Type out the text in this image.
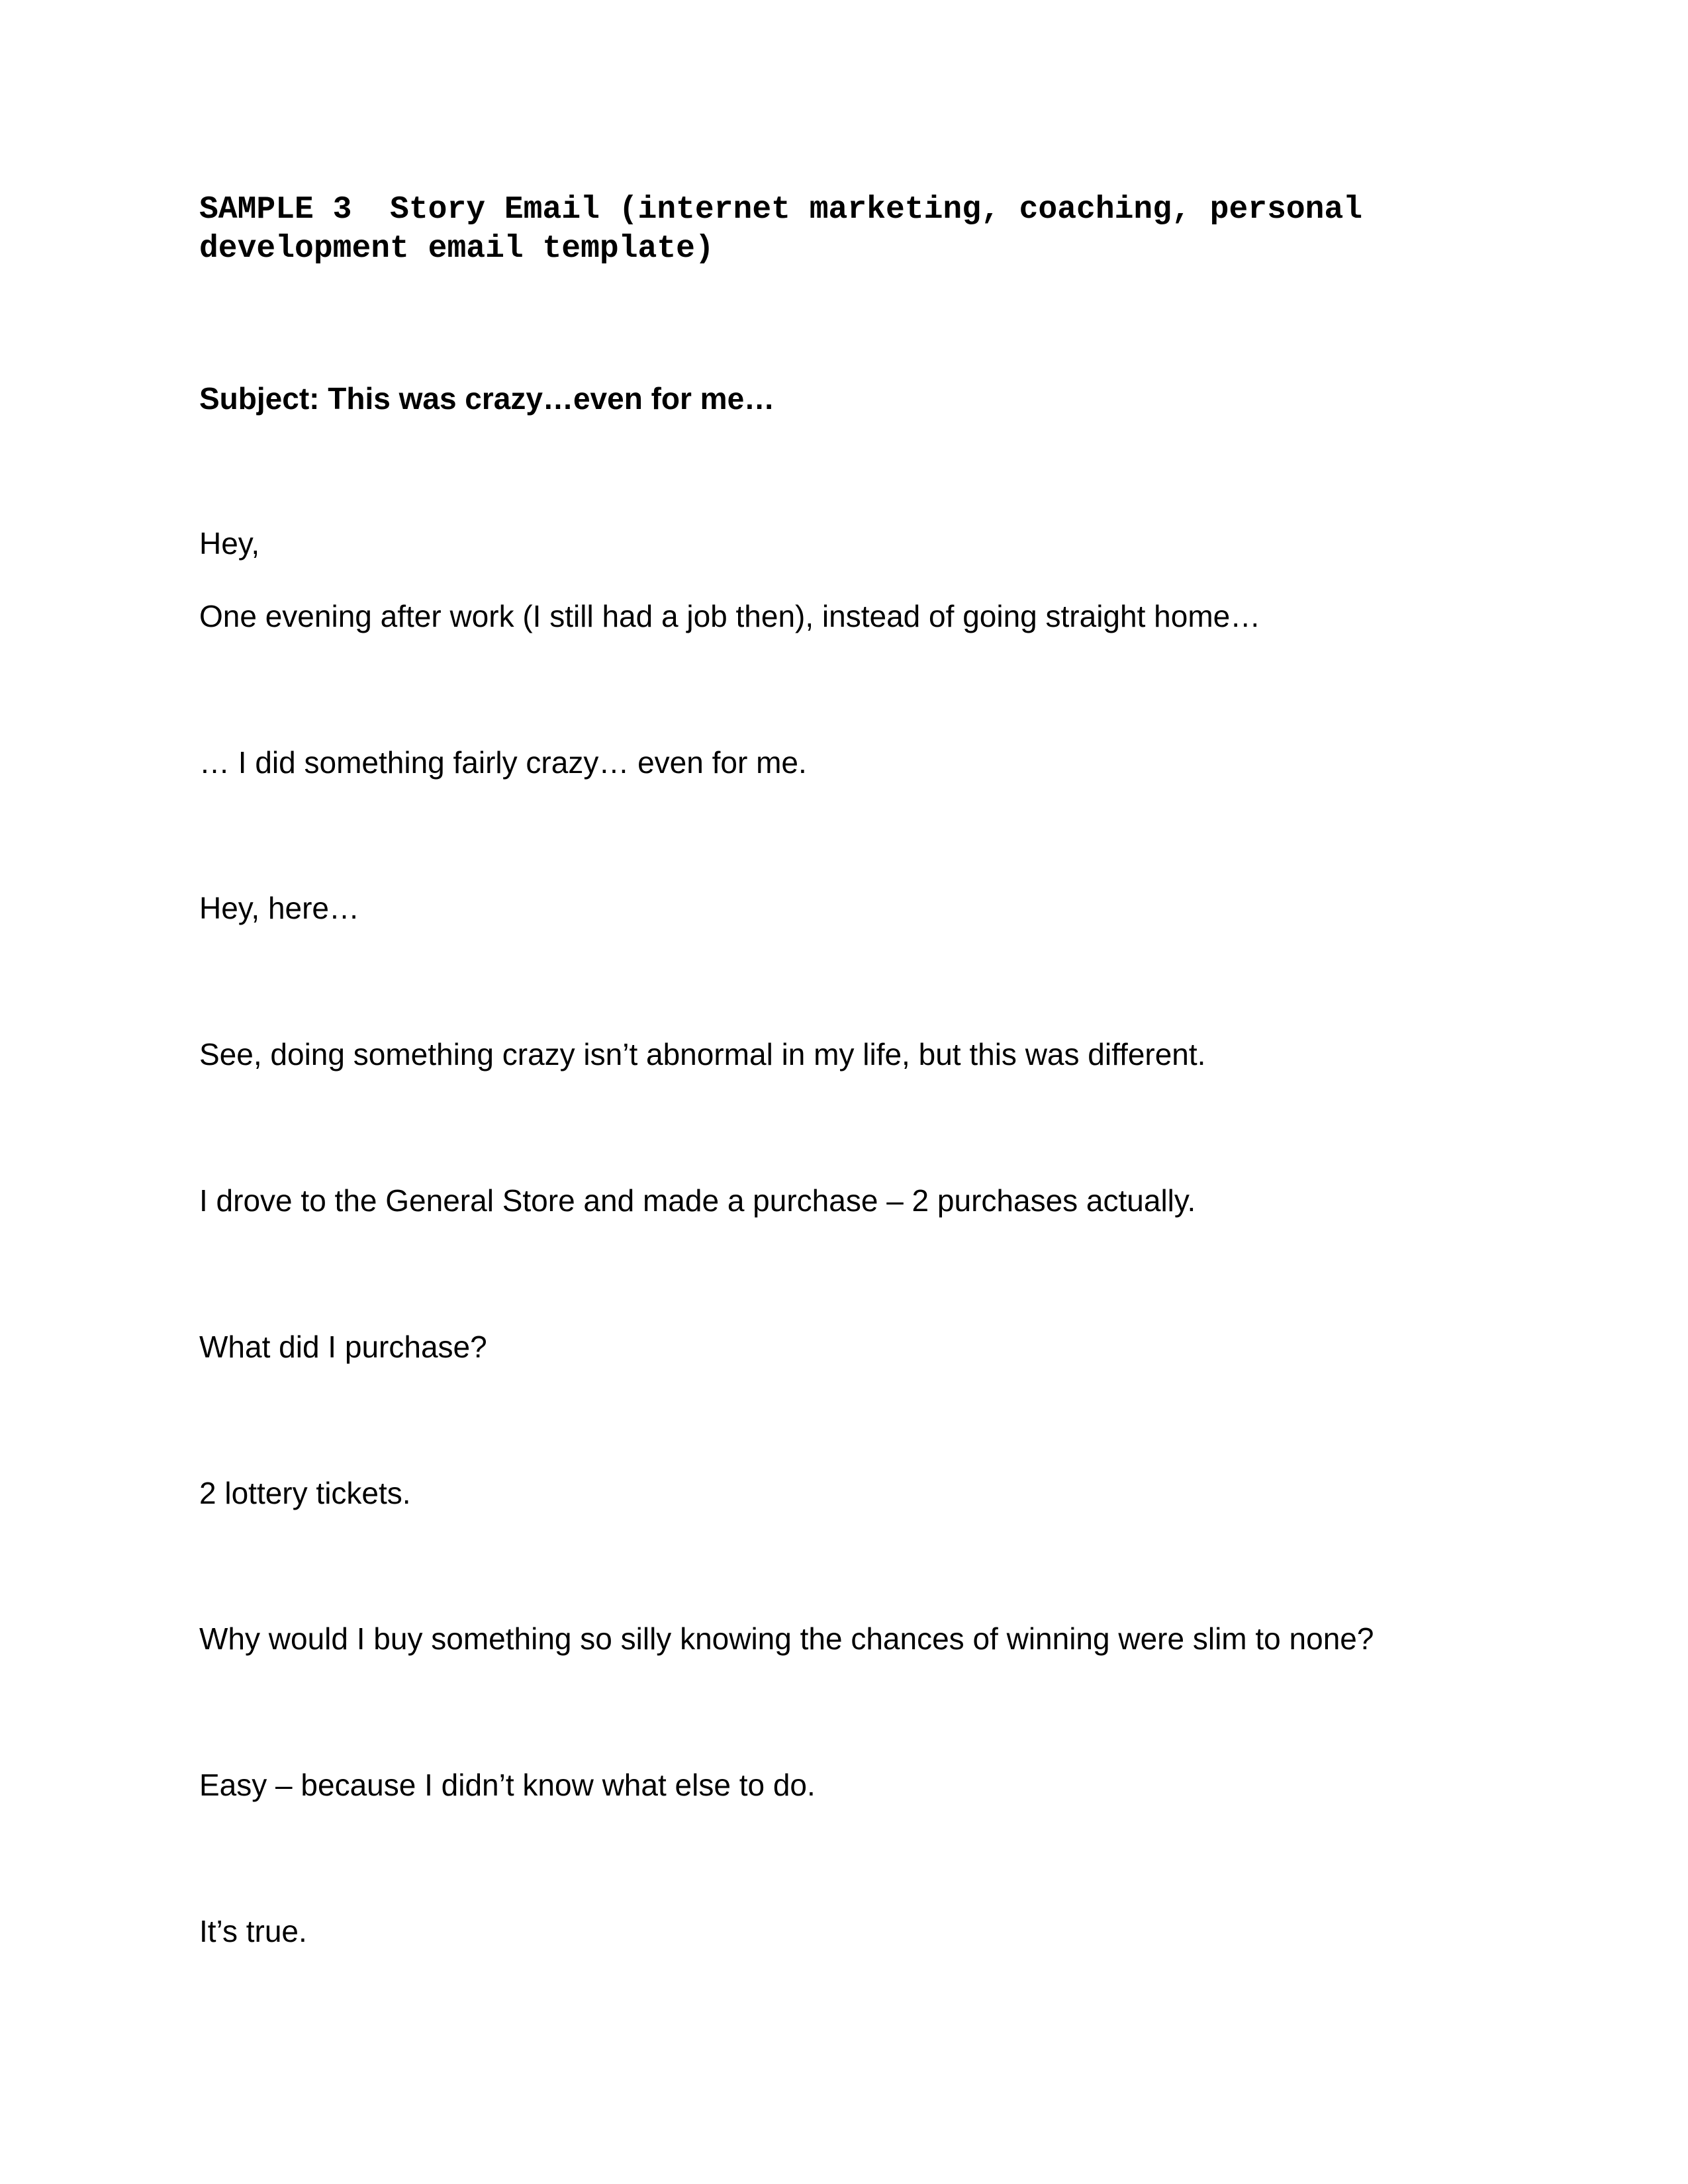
SAMPLE 3  Story Email (internet marketing, coaching, personal
development email template)

Subject: This was crazy…even for me…

Hey,

One evening after work (I still had a job then), instead of going straight home…

… I did something fairly crazy… even for me.

Hey, here…

See, doing something crazy isn’t abnormal in my life, but this was different.

I drove to the General Store and made a purchase – 2 purchases actually.

What did I purchase?

2 lottery tickets.

Why would I buy something so silly knowing the chances of winning were slim to none?

Easy – because I didn’t know what else to do.

It’s true.
